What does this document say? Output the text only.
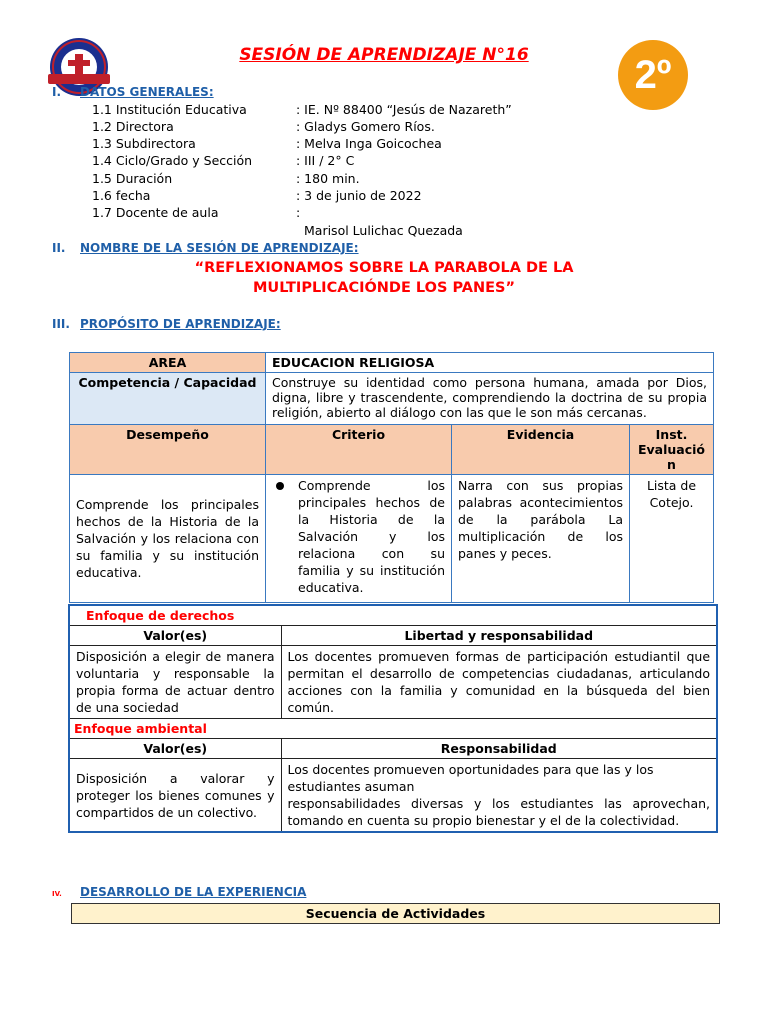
SESIÓN DE APRENDIZAJE N°16	2º
I. DATOS GENERALES:
1.1 Institución Educativa	: IE. Nº 88400 “Jesús de Nazareth”
1.2 Directora	: Gladys Gomero Ríos.
1.3 Subdirectora	: Melva Inga Goicochea
1.4 Ciclo/Grado y Sección	: III / 2° C
1.5 Duración	: 180 min.
1.6 fecha	: 3 de junio de 2022
1.7 Docente de aula	:
Marisol Lulichac Quezada
II. NOMBRE DE LA SESIÓN DE APRENDIZAJE:
“REFLEXIONAMOS SOBRE LA PARABOLA DE LA
MULTIPLICACIÓNDE LOS PANES”
III. PROPÓSITO DE APRENDIZAJE:
AREA	EDUCACION RELIGIOSA		
Competencia / Capacidad	Construye su identidad como persona humana, amada por Dios, digna, libre y trascendente, comprendiendo la doctrina de su propia religión, abierto al diálogo con las que le son más cercanas.		
Desempeño	Criterio	Evidencia	Inst. Evaluació n
Comprende los principales hechos de la Historia de la Salvación y los relaciona con su familia y su institución educativa.	Comprende los principales hechos de la Historia de la Salvación y los relaciona con su familia y su institución educativa.	Narra con sus propias palabras acontecimientos de la parábola La multiplicación de los panes y peces.	Lista de Cotejo.
Enfoque de derechos	
Valor(es)	Libertad y responsabilidad
Disposición a elegir de manera voluntaria y responsable la propia forma de actuar dentro de una sociedad	Los docentes promueven formas de participación estudiantil que permitan el desarrollo de competencias ciudadanas, articulando acciones con la familia y comunidad en la búsqueda del bien común.
Enfoque ambiental	
Valor(es)	Responsabilidad
Disposición a valorar y proteger los bienes comunes y compartidos de un colectivo.	Los docentes promueven oportunidades para que las y los estudiantes asuman
responsabilidades diversas y los estudiantes las aprovechan, tomando en cuenta su propio bienestar y el de la colectividad.
IV. DESARROLLO DE LA EXPERIENCIA
Secuencia de Actividades
